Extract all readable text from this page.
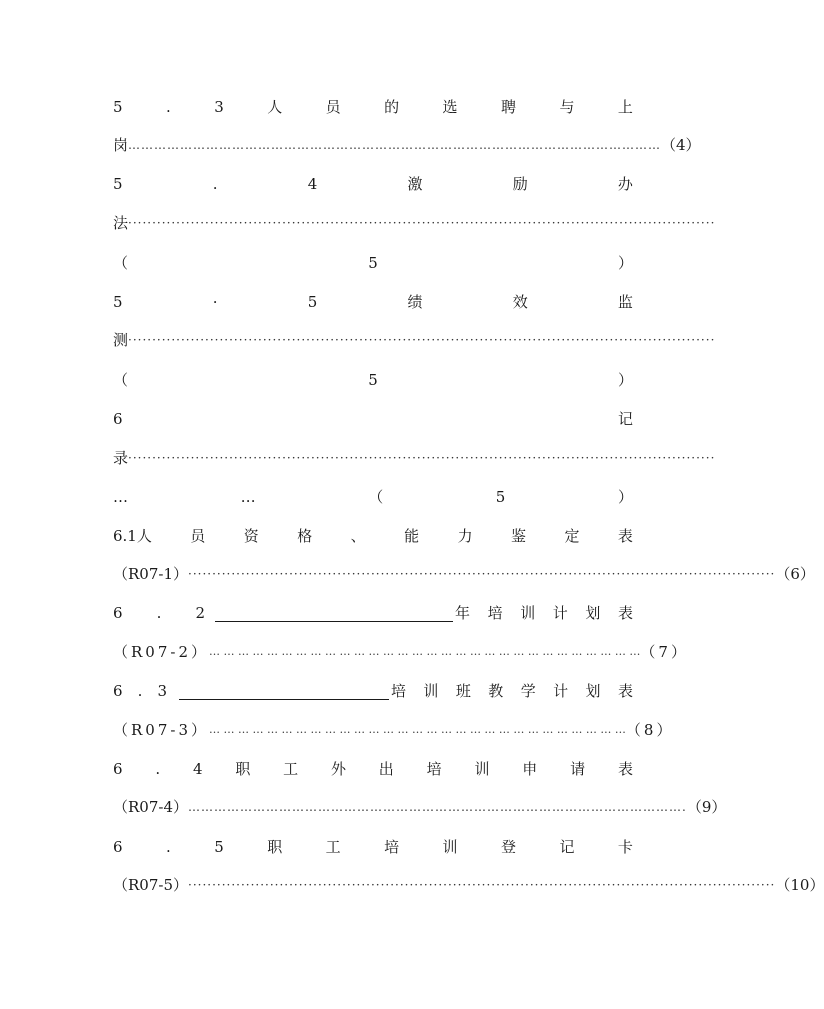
5	.	3	人	员	的	选	聘	与	上
岗 …………………………………………………………………………………………………………… （4）
5	.	4	激	励	办
法 ··························································································································
（	5	）
5	·	5	绩	效	监
测 ··························································································································
（	5	）
6	记
录 ··························································································································
…	…	（	5	）
6.1人	员	资	格	、	能	力	鉴	定	表
（R07-1） ·························································································································· （6）
6 . 2	年 培 训 计 划 表
（R07-2） … … … … … … … … … … … … … … … … … … … … … … … … … … … … … … （7）
6 . 3	培 训 班 教 学 计 划 表
（R07-3） … … … … … … … … … … … … … … … … … … … … … … … … … … … … … （8）
6 . 4 职 工 外 出 培 训 申 请 表
（R07-4） ……………………………………………………………………………………………………. （9）
6	.	5	职	工	培	训	登	记	卡
（R07-5） ·························································································································· （10）
